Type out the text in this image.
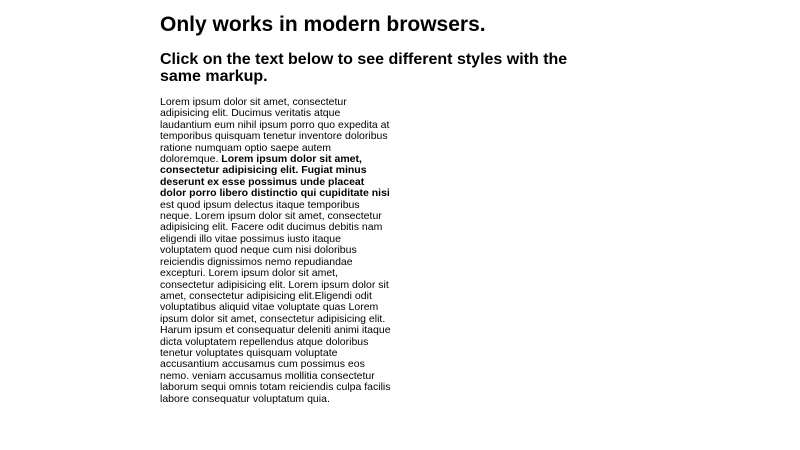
Only works in modern browsers.
Click on the text below to see different styles with the same markup.
Lorem ipsum dolor sit amet, consectetur adipisicing elit. Ducimus veritatis atque laudantium eum nihil ipsum porro quo expedita at temporibus quisquam tenetur inventore doloribus ratione numquam optio saepe autem doloremque. Lorem ipsum dolor sit amet, consectetur adipisicing elit. Fugiat minus deserunt ex esse possimus unde placeat dolor porro libero distinctio qui cupiditate nisi est quod ipsum delectus itaque temporibus neque. Lorem ipsum dolor sit amet, consectetur adipisicing elit. Facere odit ducimus debitis nam eligendi illo vitae possimus iusto itaque voluptatem quod neque cum nisi doloribus reiciendis dignissimos nemo repudiandae excepturi. Lorem ipsum dolor sit amet, consectetur adipisicing elit. Lorem ipsum dolor sit amet, consectetur adipisicing elit.Eligendi odit voluptatibus aliquid vitae voluptate quas Lorem ipsum dolor sit amet, consectetur adipisicing elit. Harum ipsum et consequatur deleniti animi itaque dicta voluptatem repellendus atque doloribus tenetur voluptates quisquam voluptate accusantium accusamus cum possimus eos nemo. veniam accusamus mollitia consectetur laborum sequi omnis totam reiciendis culpa facilis labore consequatur voluptatum quia.
